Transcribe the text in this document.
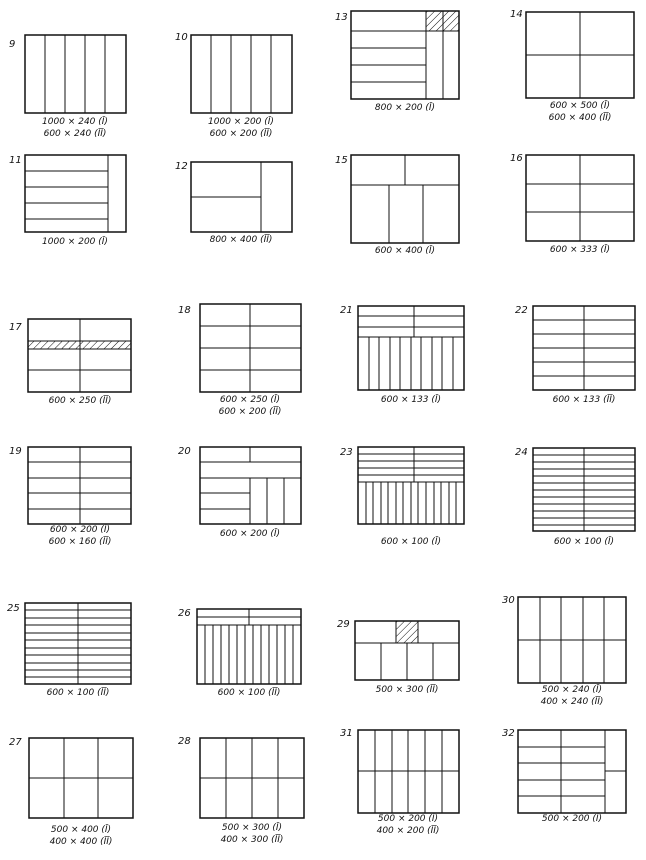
9
1000 × 240 (Ī)
600 × 240 (ĪĪ)
10
1000 × 200 (Ī)
600 × 200 (ĪĪ)
13
800 × 200 (Ī)
14
600 × 500 (Ī)
600 × 400 (ĪĪ)
11
1000 × 200 (Ī)
12
800 × 400 (ĪĪ)
15
600 × 400 (Ī)
16
600 × 333 (Ī)
17
600 × 250 (ĪĪ)
18
600 × 250 (Ī)
600 × 200 (ĪĪ)
21
600 × 133 (Ī)
22
600 × 133 (ĪĪ)
19
600 × 200 (Ī)
600 × 160 (ĪĪ)
20
600 × 200 (Ī)
23
600 × 100 (Ī)
24
600 × 100 (Ī)
25
600 × 100 (ĪĪ)
26
600 × 100 (ĪĪ)
29
500 × 300 (ĪĪ)
30
500 × 240 (Ī)
400 × 240 (ĪĪ)
27
500 × 400 (Ī)
400 × 400 (ĪĪ)
28
500 × 300 (Ī)
400 × 300 (ĪĪ)
31
500 × 200 (Ī)
400 × 200 (ĪĪ)
32
500 × 200 (Ī)
